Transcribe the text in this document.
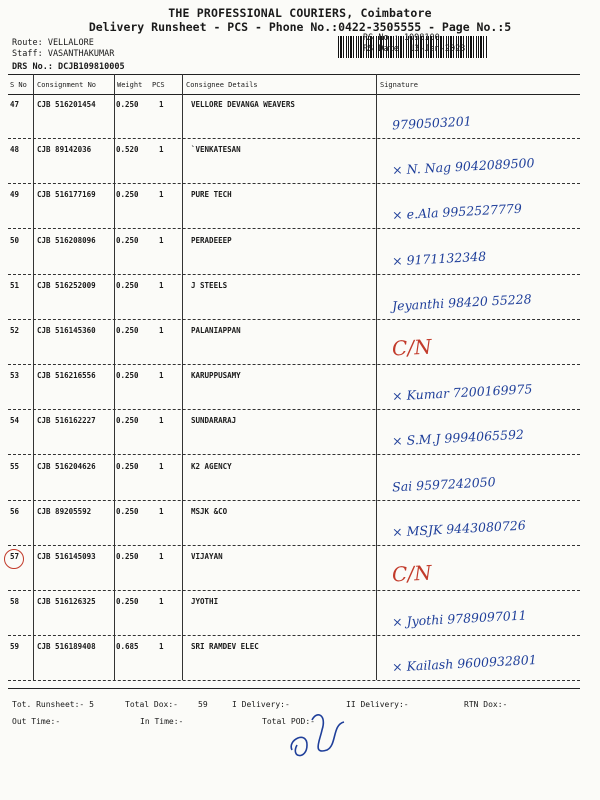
THE PROFESSIONAL COURIERS, Coimbatore
Delivery Runsheet - PCS - Phone No.:0422-3505555 - Page No.:5
Route: VELLALORE
Staff: VASANTHAKUMAR
DRS No.: DCJB109810005
RS No.: 1098100
RS Date: 13-Jan-2023
S No Consignment No	Weight PCS	Consignee Details	Signature
47 CJB 516201454	0.250	1	VELLORE DEVANGA WEAVERS
9790503201
48 CJB 89142036	0.520	1	`VENKATESAN
× N. Nag 9042089500
49 CJB 516177169	0.250	1	PURE TECH
× e.Ala 9952527779
50 CJB 516208096	0.250	1	PERADEEEP
× 9171132348
51 CJB 516252009	0.250	1	J STEELS
Jeyanthi 98420 55228
52 CJB 516145360	0.250	1	PALANIAPPAN
C/N
53 CJB 516216556	0.250	1	KARUPPUSAMY
× Kumar 7200169975
54 CJB 516162227	0.250	1	SUNDARARAJ
× S.M.J 9994065592
55 CJB 516204626	0.250	1	K2 AGENCY
Sai 9597242050
56 CJB 89205592	0.250	1	MSJK &CO
× MSJK 9443080726
57 CJB 516145093	0.250	1	VIJAYAN
C/N
58 CJB 516126325	0.250	1	JYOTHI
× Jyothi 9789097011
59 CJB 516189408	0.685	1	SRI RAMDEV ELEC
× Kailash 9600932801
Tot. Runsheet:- 5	Total Dox:-	59	I Delivery:-	II Delivery:-	RTN Dox:-
Out Time:-	In Time:-	Total POD:-
